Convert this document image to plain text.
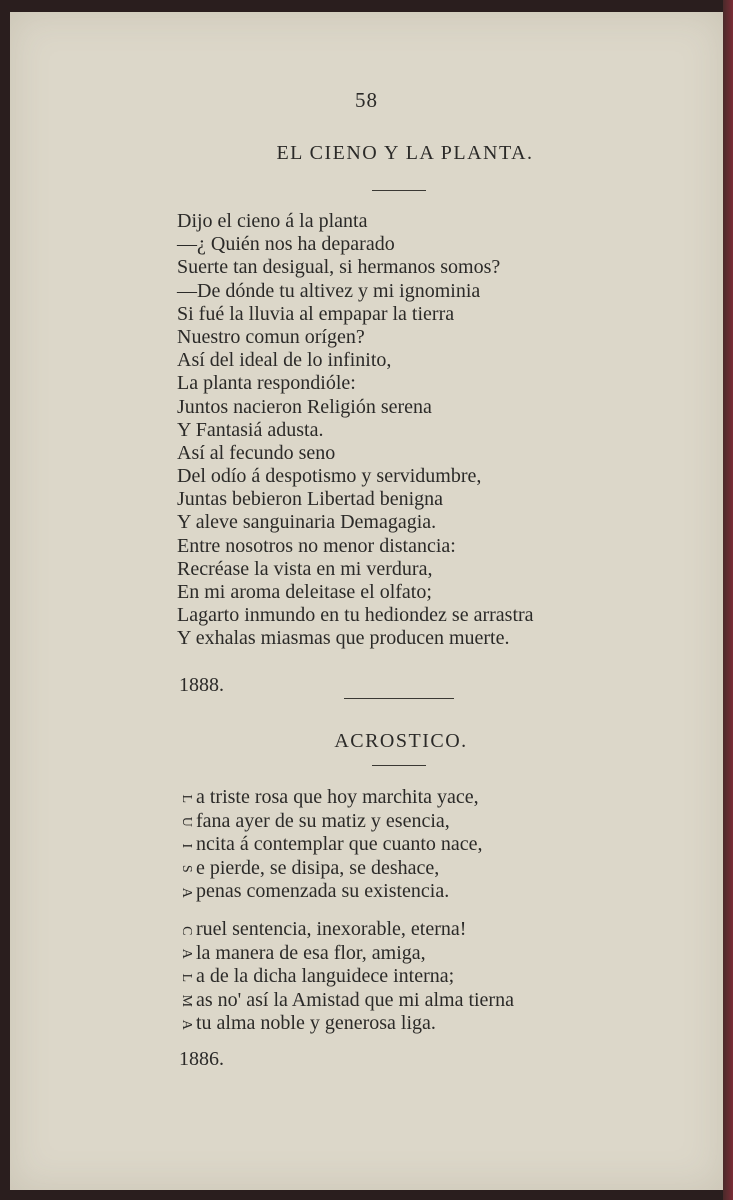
58
EL CIENO Y LA PLANTA.
Dijo el cieno á la planta
—¿ Quién nos ha deparado
Suerte tan desigual, si hermanos somos?
—De dónde tu altivez y mi ignominia
Si fué la lluvia al empapar la tierra
Nuestro comun orígen?
Así del ideal de lo infinito,
La planta respondióle:
Juntos nacieron Religión serena
Y Fantasiá adusta.
Así al fecundo seno
Del odío á despotismo y servidumbre,
Juntas bebieron Libertad benigna
Y aleve sanguinaria Demagagia.
Entre nosotros no menor distancia:
Recréase la vista en mi verdura,
En mi aroma deleitase el olfato;
Lagarto inmundo en tu hediondez se arrastra
Y exhalas miasmas que producen muerte.
1888.
ACROSTICO.
L a triste rosa que hoy marchita yace,
U fana ayer de su matiz y esencia,
I ncita á contemplar que cuanto nace,
S e pierde, se disipa, se deshace,
A penas comenzada su existencia.
C ruel sentencia, inexorable, eterna!
A la manera de esa flor, amiga,
L a de la dicha languidece interna;
M as no' así la Amistad que mi alma tierna
A tu alma noble y generosa liga.
1886.
